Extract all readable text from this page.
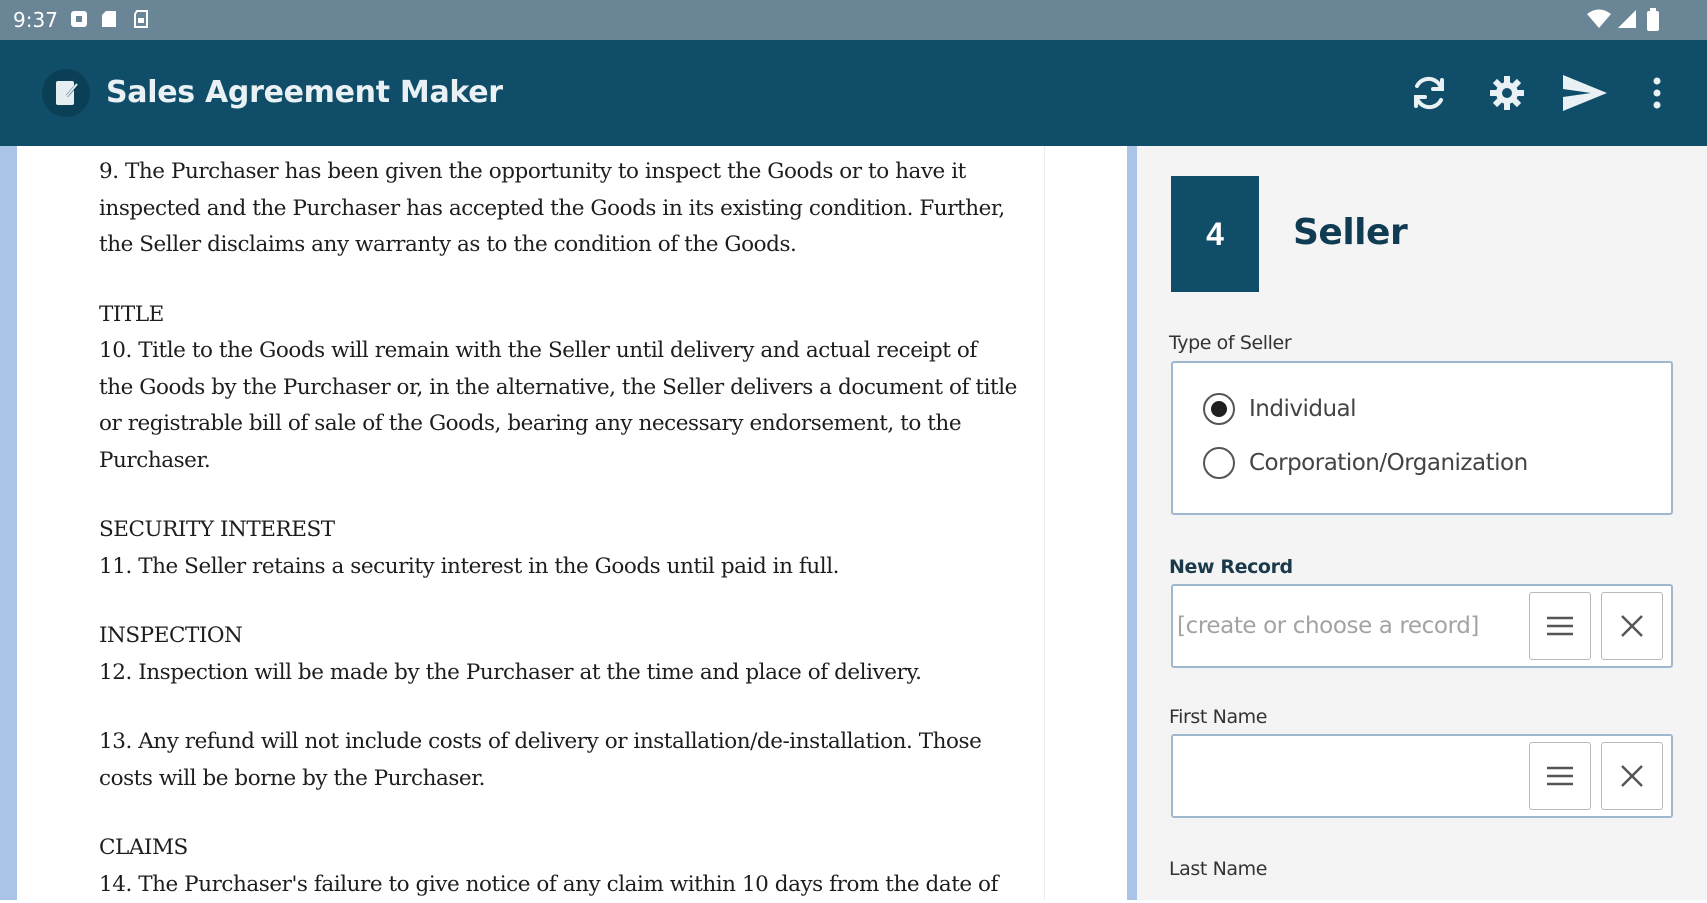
9:37
Sales Agreement Maker

9. The Purchaser has been given the opportunity to inspect the Goods or to have it
inspected and the Purchaser has accepted the Goods in its existing condition. Further,
the Seller disclaims any warranty as to the condition of the Goods.

TITLE

10. Title to the Goods will remain with the Seller until delivery and actual receipt of
the Goods by the Purchaser or, in the alternative, the Seller delivers a document of title
or registrable bill of sale of the Goods, bearing any necessary endorsement, to the
Purchaser.

SECURITY INTEREST

11. The Seller retains a security interest in the Goods until paid in full.

INSPECTION

12. Inspection will be made by the Purchaser at the time and place of delivery.

13. Any refund will not include costs of delivery or installation/de-installation. Those
costs will be borne by the Purchaser.

CLAIMS

14. The Purchaser's failure to give notice of any claim within 10 days from the date of

4	Seller
Type of Seller
Individual
Corporation/Organization
New Record
[create or choose a record]
First Name
Last Name
